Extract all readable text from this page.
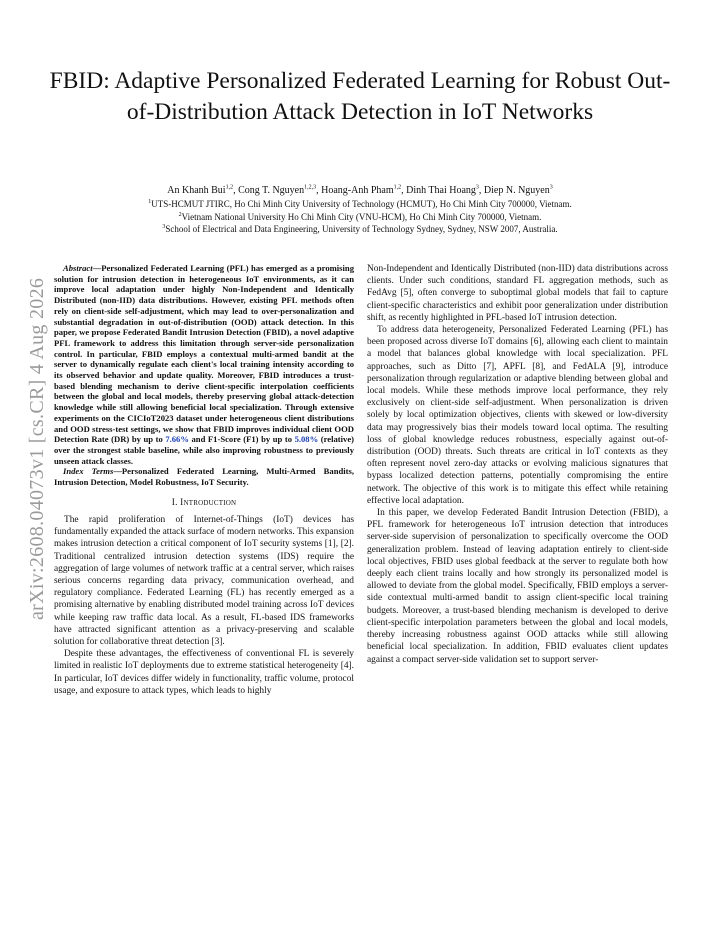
FBID: Adaptive Personalized Federated Learning for Robust Out-of-Distribution Attack Detection in IoT Networks
An Khanh Bui$^{1,2}$, Cong T. Nguyen$^{1,2,3}$, Hoang-Anh Pham$^{1,2}$, Dinh Thai Hoang$^3$, Diep N. Nguyen$^3$
$^1$UTS-HCMUT JTIRC, Ho Chi Minh City University of Technology (HCMUT), Ho Chi Minh City 700000, Vietnam.
$^2$Vietnam National University Ho Chi Minh City (VNU-HCM), Ho Chi Minh City 700000, Vietnam.
$^3$School of Electrical and Data Engineering, University of Technology Sydney, Sydney, NSW 2007, Australia.
arXiv:2608.04073v1 [cs.CR] 4 Aug 2026

Abstract—Personalized Federated Learning (PFL) has emerged as a promising solution for intrusion detection in heterogeneous IoT environments, as it can improve local adaptation under highly Non-Independent and Identically Distributed (non-IID) data distributions. However, existing PFL methods often rely on client-side self-adjustment, which may lead to over-personalization and substantial degradation in out-of-distribution (OOD) attack detection. In this paper, we propose Federated Bandit Intrusion Detection (FBID), a novel adaptive PFL framework to address this limitation through server-side personalization control. In particular, FBID employs a contextual multi-armed bandit at the server to dynamically regulate each client's local training intensity according to its observed behavior and update quality. Moreover, FBID introduces a trust-based blending mechanism to derive client-specific interpolation coefficients between the global and local models, thereby preserving global attack-detection knowledge while still allowing beneficial local specialization. Through extensive experiments on the CICIoT2023 dataset under heterogeneous client distributions and OOD stress-test settings, we show that FBID improves individual client OOD Detection Rate (DR) by up to 7.66% and F1-Score (F1) by up to 5.08% (relative) over the strongest stable baseline, while also improving robustness to previously unseen attack classes.

Index Terms—Personalized Federated Learning, Multi-Armed Bandits, Intrusion Detection, Model Robustness, IoT Security.

I. Introduction

The rapid proliferation of Internet-of-Things (IoT) devices has fundamentally expanded the attack surface of modern networks. This expansion makes intrusion detection a critical component of IoT security systems [1], [2]. Traditional centralized intrusion detection systems (IDS) require the aggregation of large volumes of network traffic at a central server, which raises serious concerns regarding data privacy, communication overhead, and regulatory compliance. Federated Learning (FL) has recently emerged as a promising alternative by enabling distributed model training across IoT devices while keeping raw traffic data local. As a result, FL-based IDS frameworks have attracted significant attention as a privacy-preserving and scalable solution for collaborative threat detection [3].

Despite these advantages, the effectiveness of conventional FL is severely limited in realistic IoT deployments due to extreme statistical heterogeneity [4]. In particular, IoT devices differ widely in functionality, traffic volume, protocol usage, and exposure to attack types, which leads to highly

Non-Independent and Identically Distributed (non-IID) data distributions across clients. Under such conditions, standard FL aggregation methods, such as FedAvg [5], often converge to suboptimal global models that fail to capture client-specific characteristics and exhibit poor generalization under distribution shift, as recently highlighted in PFL-based IoT intrusion detection.

To address data heterogeneity, Personalized Federated Learning (PFL) has been proposed across diverse IoT domains [6], allowing each client to maintain a model that balances global knowledge with local specialization. PFL approaches, such as Ditto [7], APFL [8], and FedALA [9], introduce personalization through regularization or adaptive blending between global and local models. While these methods improve local performance, they rely exclusively on client-side self-adjustment. When personalization is driven solely by local optimization objectives, clients with skewed or low-diversity data may progressively bias their models toward local optima. The resulting loss of global knowledge reduces robustness, especially against out-of-distribution (OOD) threats. Such threats are critical in IoT contexts as they often represent novel zero-day attacks or evolving malicious signatures that bypass localized detection patterns, potentially compromising the entire network. The objective of this work is to mitigate this effect while retaining effective local adaptation.

In this paper, we develop Federated Bandit Intrusion Detection (FBID), a PFL framework for heterogeneous IoT intrusion detection that introduces server-side supervision of personalization to specifically overcome the OOD generalization problem. Instead of leaving adaptation entirely to client-side local objectives, FBID uses global feedback at the server to regulate both how deeply each client trains locally and how strongly its personalized model is allowed to deviate from the global model. Specifically, FBID employs a server-side contextual multi-armed bandit to assign client-specific local training budgets. Moreover, a trust-based blending mechanism is developed to derive client-specific interpolation parameters between the global and local models, thereby increasing robustness against OOD attacks while still allowing beneficial local specialization. In addition, FBID evaluates client updates against a compact server-side validation set to support server-
